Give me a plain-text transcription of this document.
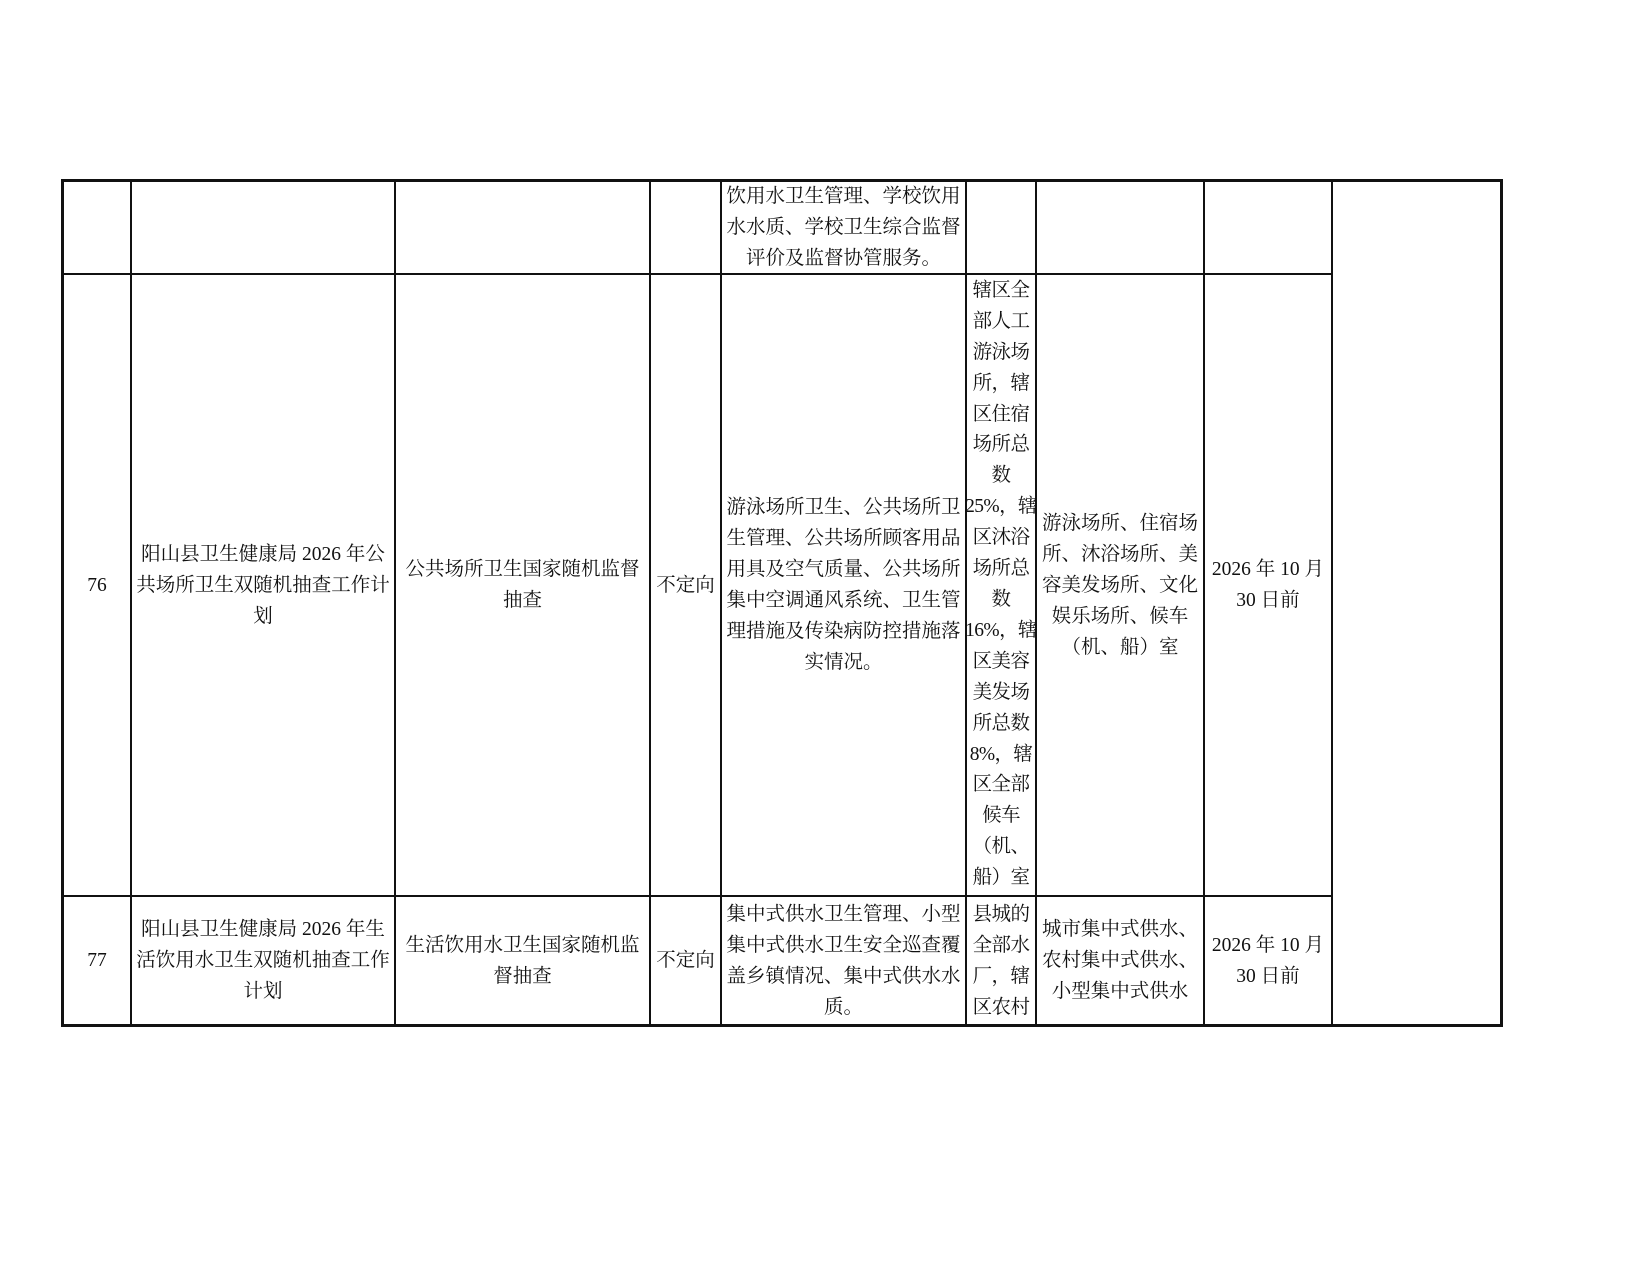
饮用水卫生管理、学校饮用
水水质、学校卫生综合监督
评价及监督协管服务。
76
阳山县卫生健康局 2026 年公
共场所卫生双随机抽查工作计
划
公共场所卫生国家随机监督
抽查
不定向
游泳场所卫生、公共场所卫
生管理、公共场所顾客用品
用具及空气质量、公共场所
集中空调通风系统、卫生管
理措施及传染病防控措施落
实情况。
辖区全
部人工
游泳场
所，辖
区住宿
场所总
数
25%，辖
区沐浴
场所总
数
16%，辖
区美容
美发场
所总数
8%，辖
区全部
候车
（机、
船）室
游泳场所、住宿场
所、沐浴场所、美
容美发场所、文化
娱乐场所、候车
（机、船）室
2026 年 10 月
30 日前
77
阳山县卫生健康局 2026 年生
活饮用水卫生双随机抽查工作
计划
生活饮用水卫生国家随机监
督抽查
不定向
集中式供水卫生管理、小型
集中式供水卫生安全巡查覆
盖乡镇情况、集中式供水水
质。
县城的
全部水
厂，辖
区农村
城市集中式供水、
农村集中式供水、
小型集中式供水
2026 年 10 月
30 日前
